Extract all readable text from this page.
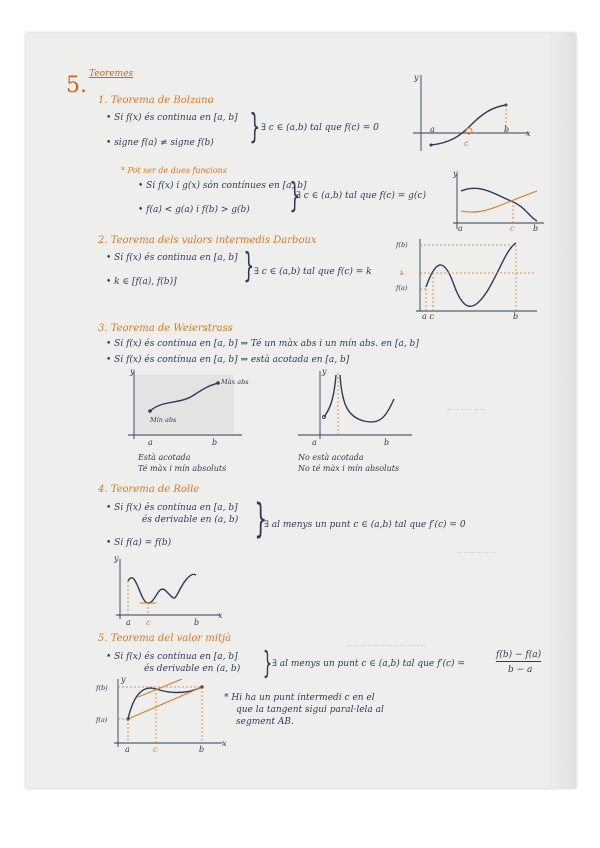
~~~~~~
~~~~~~
~~~~~~~~~~~~
5. Teoremes
1. Teorema de Bolzano
• Si f(x) és continua en [a, b]
• signe f(a) ≠ signe f(b) } ∃ c ∈ (a,b) tal que f(c) = 0
y
x
a	b
c
* Pot ser de dues funcions
• Si f(x) i g(x) són contínues en [a, b]
• f(a) < g(a) i f(b) > g(b) }
∃ c ∈ (a,b) tal que f(c) = g(c)
y
a	c b
2. Teorema dels valors intermedis Darboux
• Si f(x) és continua en [a, b]
• k ∈ [f(a), f(b)] } ∃ c ∈ (a,b) tal que f(c) = k
f(b)
k
f(a)
a c	b
3. Teorema de Weierstrass
• Si f(x) és contínua en [a, b] ⇒ Té un màx abs i un mín abs. en [a, b]
• Si f(x) és contínua en [a, b] ⇒ està acotada en [a, b]
Màx abs
Mín abs
y
a	b
Està acotada
Té màx i mín absoluts
y
a	b
No està acotada
No té màx i mín absoluts
4. Teorema de Rolle
• Si f(x) és contínua en [a, b]
és derivable en (a, b)
• Si f(a) = f(b)
}
∃ al menys un punt c ∈ (a,b) tal que f′(c) = 0
y
a c	b
x
5. Teorema del valor mitjà
• Si f(x) és contínua en [a, b]
és derivable en (a, b) } ∃ al menys un punt c ∈ (a,b) tal que f′(c) =
f(b) − f(a)
b − a
f(b)
f(a)
y
a	c	b
x
* Hi ha un punt intermedi c en el
que la tangent sigui paral·lela al
segment AB.
